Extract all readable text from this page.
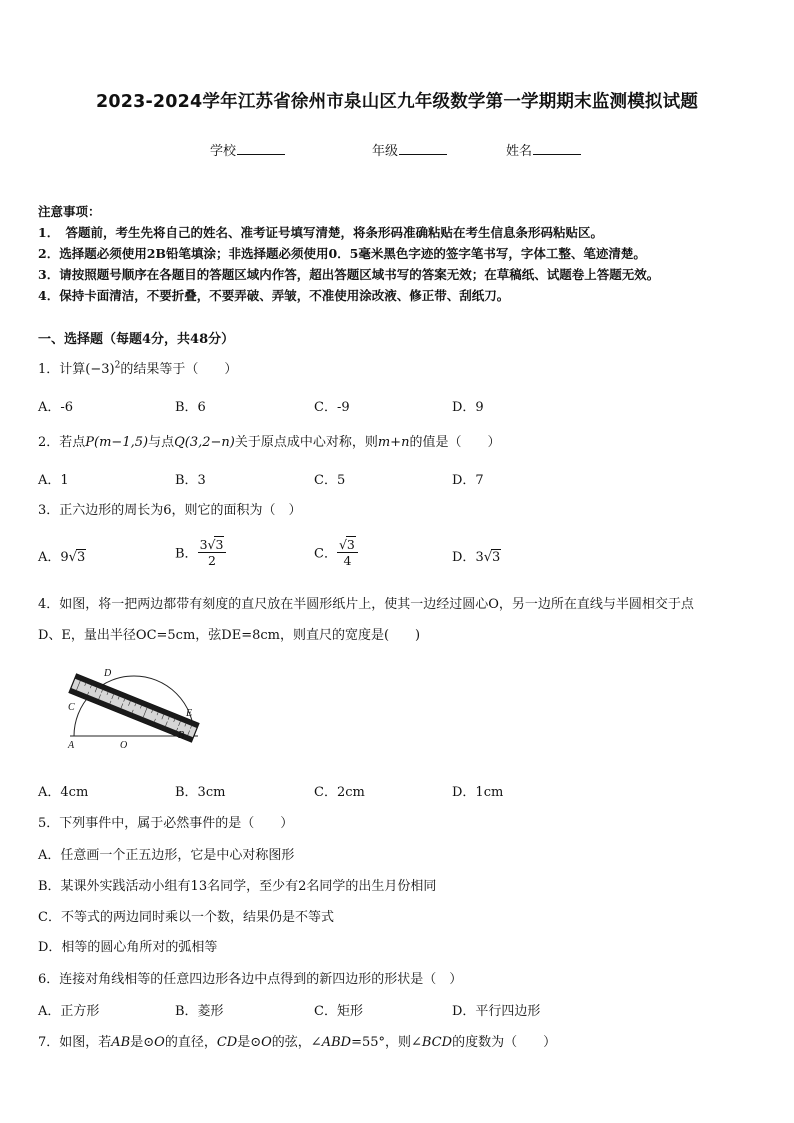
2023-2024学年江苏省徐州市泉山区九年级数学第一学期期末监测模拟试题
学校	年级	姓名
注意事项：
1．　答题前，考生先将自己的姓名、准考证号填写清楚，将条形码准确粘贴在考生信息条形码粘贴区。
2．选择题必须使用2B铅笔填涂；非选择题必须使用0．5毫米黑色字迹的签字笔书写，字体工整、笔迹清楚。
3．请按照题号顺序在各题目的答题区域内作答，超出答题区域书写的答案无效；在草稿纸、试题卷上答题无效。
4．保持卡面清洁，不要折叠，不要弄破、弄皱，不准使用涂改液、修正带、刮纸刀。
一、选择题（每题4分，共48分）
1．计算$(-3)^2$的结果等于（　　）
A．-6	B．6	C．-9	D．9
2．若点P(m−1,5)与点Q(3,2−n)关于原点成中心对称，则m+n的值是（　　）
A．1	B．3	C．5	D．7
3．正六边形的周长为6，则它的面积为（　）
A．9√3	B． $\frac{3√3}{2}$	C． $\frac{√3}{4}$	D．3√3
4．如图，将一把两边都带有刻度的直尺放在半圆形纸片上，使其一边经过圆心O，另一边所在直线与半圆相交于点
D、E，量出半径OC=5cm，弦DE=8cm，则直尺的宽度是(　　)
D
C
A	O
E
B
A．4cm	B．3cm	C．2cm	D．1cm
5．下列事件中，属于必然事件的是（　　）
A．任意画一个正五边形，它是中心对称图形
B．某课外实践活动小组有13名同学，至少有2名同学的出生月份相同
C．不等式的两边同时乘以一个数，结果仍是不等式
D．相等的圆心角所对的弧相等
6．连接对角线相等的任意四边形各边中点得到的新四边形的形状是（　）
A．正方形	B．菱形	C．矩形	D．平行四边形
7．如图，若AB是⊙O的直径，CD是⊙O的弦，∠ABD=55°，则∠BCD的度数为（　　）
